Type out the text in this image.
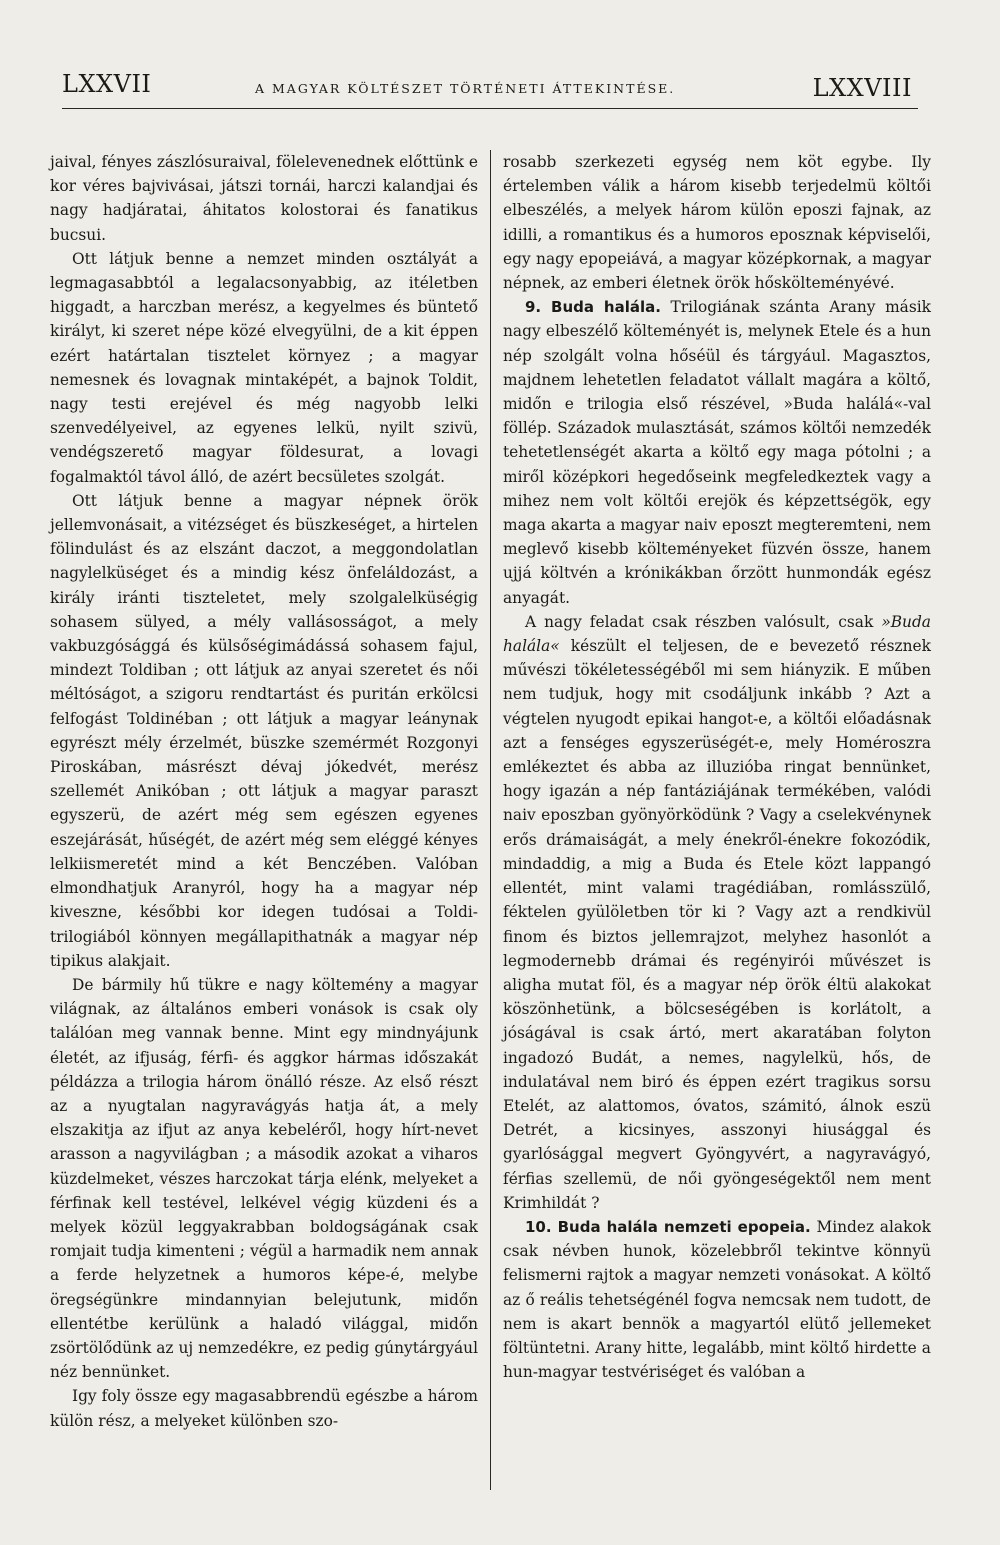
LXXVII	A MAGYAR KÖLTÉSZET TÖRTÉNETI ÁTTEKINTÉSE.	LXXVIII

jaival, fényes zászlósuraival, fölelevenednek előttünk e kor véres bajvivásai, játszi tornái, harczi kalandjai és nagy hadjáratai, áhitatos kolostorai és fanatikus bucsui.

Ott látjuk benne a nemzet minden osztályát a legmagasabbtól a legalacsonyabbig, az itéletben higgadt, a harczban merész, a kegyelmes és büntető királyt, ki szeret népe közé elvegyülni, de a kit éppen ezért határtalan tisztelet környez ; a magyar nemesnek és lovagnak mintaképét, a bajnok Toldit, nagy testi erejével és még nagyobb lelki szenvedélyeivel, az egyenes lelkü, nyilt szivü, vendégszerető magyar földesurat, a lovagi fogalmaktól távol álló, de azért becsületes szolgát.

Ott látjuk benne a magyar népnek örök jellemvonásait, a vitézséget és büszkeséget, a hirtelen fölindulást és az elszánt daczot, a meggondolatlan nagylelküséget és a mindig kész önfeláldozást, a király iránti tiszteletet, mely szolgalelküségig sohasem sülyed, a mély vallásosságot, a mely vakbuzgósággá és külsőségimádássá sohasem fajul, mindezt Toldiban ; ott látjuk az anyai szeretet és női méltóságot, a szigoru rendtartást és puritán erkölcsi felfogást Toldinéban ; ott látjuk a magyar leánynak egyrészt mély érzelmét, büszke szemérmét Rozgonyi Piroskában, másrészt dévaj jókedvét, merész szellemét Anikóban ; ott látjuk a magyar paraszt egyszerü, de azért még sem egészen egyenes eszejárását, hűségét, de azért még sem eléggé kényes lelkiismeretét mind a két Benczében. Valóban elmondhatjuk Aranyról, hogy ha a magyar nép kiveszne, későbbi kor idegen tudósai a Toldi-trilogiából könnyen megállapithatnák a magyar nép tipikus alakjait.

De bármily hű tükre e nagy költemény a magyar világnak, az általános emberi vonások is csak oly találóan meg vannak benne. Mint egy mindnyájunk életét, az ifjuság, férfi- és aggkor hármas időszakát példázza a trilogia három önálló része. Az első részt az a nyugtalan nagyravágyás hatja át, a mely elszakitja az ifjut az anya kebeléről, hogy hírt-nevet arasson a nagyvilágban ; a második azokat a viharos küzdelmeket, vészes harczokat tárja elénk, melyeket a férfinak kell testével, lelkével végig küzdeni és a melyek közül leggyakrabban boldogságának csak romjait tudja kimenteni ; végül a harmadik nem annak a ferde helyzetnek a humoros képe-é, melybe öregségünkre mindannyian belejutunk, midőn ellentétbe kerülünk a haladó világgal, midőn zsörtölődünk az uj nemzedékre, ez pedig gúnytárgyául néz bennünket.

Igy foly össze egy magasabbrendü egészbe a három külön rész, a melyeket különben szo-

rosabb szerkezeti egység nem köt egybe. Ily értelemben válik a három kisebb terjedelmü költői elbeszélés, a melyek három külön eposzi fajnak, az idilli, a romantikus és a humoros eposznak képviselői, egy nagy epopeiává, a magyar középkornak, a magyar népnek, az emberi életnek örök hőskölteményévé.

9. Buda halála. Trilogiának szánta Arany másik nagy elbeszélő költeményét is, melynek Etele és a hun nép szolgált volna hőséül és tárgyául. Magasztos, majdnem lehetetlen feladatot vállalt magára a költő, midőn e trilogia első részével, »Buda halálá«-val föllép. Századok mulasztását, számos költői nemzedék tehetetlenségét akarta a költő egy maga pótolni ; a miről középkori hegedőseink megfeledkeztek vagy a mihez nem volt költői erejök és képzettségök, egy maga akarta a magyar naiv eposzt megteremteni, nem meglevő kisebb költeményeket füzvén össze, hanem ujjá költvén a krónikákban őrzött hunmondák egész anyagát.

A nagy feladat csak részben valósult, csak »Buda halála« készült el teljesen, de e bevezető résznek művészi tökéletességéből mi sem hiányzik. E műben nem tudjuk, hogy mit csodáljunk inkább ? Azt a végtelen nyugodt epikai hangot-e, a költői előadásnak azt a fenséges egyszerüségét-e, mely Homéroszra emlékeztet és abba az illuzióba ringat bennünket, hogy igazán a nép fantáziájának termékében, valódi naiv eposzban gyönyörködünk ? Vagy a cselekvénynek erős drámaiságát, a mely énekről-énekre fokozódik, mindaddig, a mig a Buda és Etele közt lappangó ellentét, mint valami tragédiában, romlásszülő, féktelen gyülöletben tör ki ? Vagy azt a rendkivül finom és biztos jellemrajzot, melyhez hasonlót a legmodernebb drámai és regényirói művészet is aligha mutat föl, és a magyar nép örök éltü alakokat köszönhetünk, a bölcseségében is korlátolt, a jóságával is csak ártó, mert akaratában folyton ingadozó Budát, a nemes, nagylelkü, hős, de indulatával nem biró és éppen ezért tragikus sorsu Etelét, az alattomos, óvatos, számitó, álnok eszü Detrét, a kicsinyes, asszonyi hiusággal és gyarlósággal megvert Gyöngyvért, a nagyravágyó, férfias szellemü, de női gyöngeségektől nem ment Krimhildát ?

10. Buda halála nemzeti epopeia. Mindez alakok csak névben hunok, közelebbről tekintve könnyü felismerni rajtok a magyar nemzeti vonásokat. A költő az ő reális tehetségénél fogva nemcsak nem tudott, de nem is akart bennök a magyartól elütő jellemeket föltüntetni. Arany hitte, legalább, mint költő hirdette a hun-magyar testvériséget és valóban a
